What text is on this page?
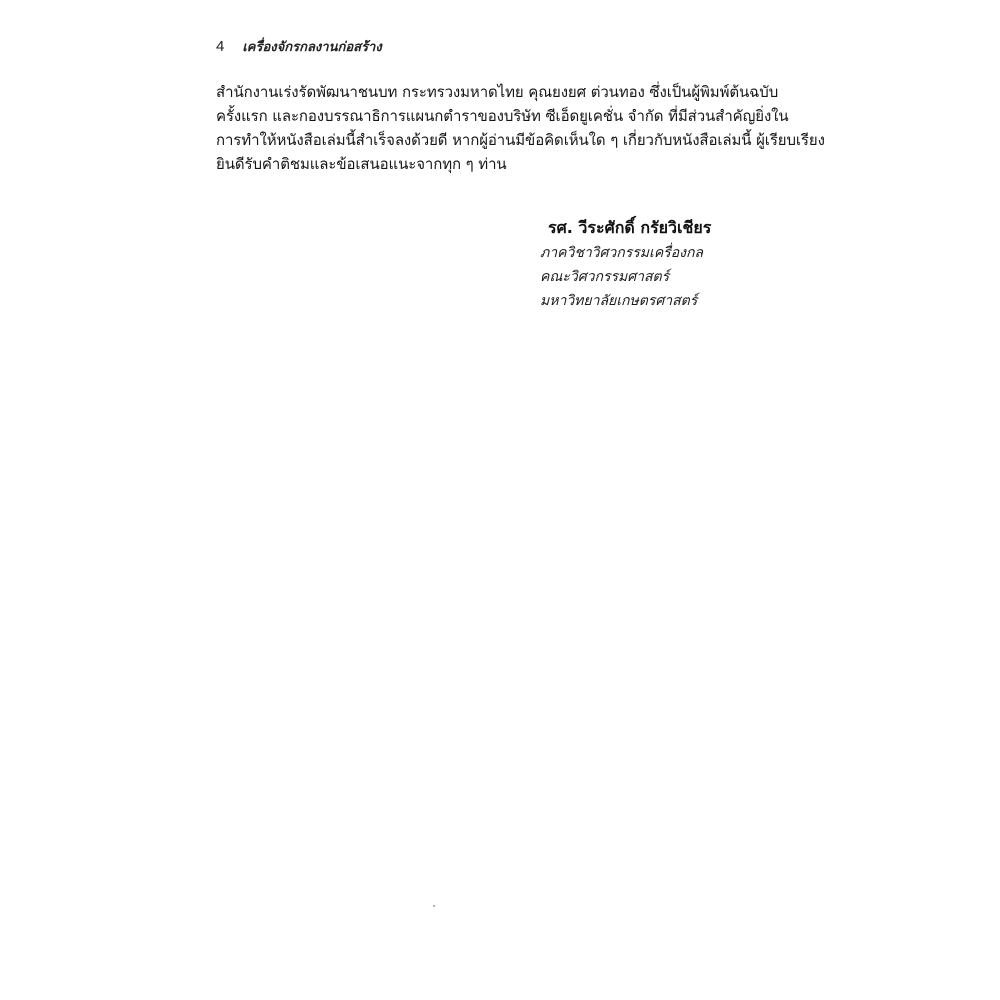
4 เครื่องจักรกลงานก่อสร้าง
สำนักงานเร่งรัดพัฒนาชนบท กระทรวงมหาดไทย คุณยงยศ ต่วนทอง ซึ่งเป็นผู้พิมพ์ต้นฉบับ
ครั้งแรก และกองบรรณาธิการแผนกตำราของบริษัท ซีเอ็ดยูเคชั่น จำกัด ที่มีส่วนสำคัญยิ่งใน
การทำให้หนังสือเล่มนี้สำเร็จลงด้วยดี หากผู้อ่านมีข้อคิดเห็นใด ๆ เกี่ยวกับหนังสือเล่มนี้ ผู้เรียบเรียง
ยินดีรับคำติชมและข้อเสนอแนะจากทุก ๆ ท่าน
รศ. วีระศักดิ์ กรัยวิเชียร
ภาควิชาวิศวกรรมเครื่องกล
คณะวิศวกรรมศาสตร์
มหาวิทยาลัยเกษตรศาสตร์
